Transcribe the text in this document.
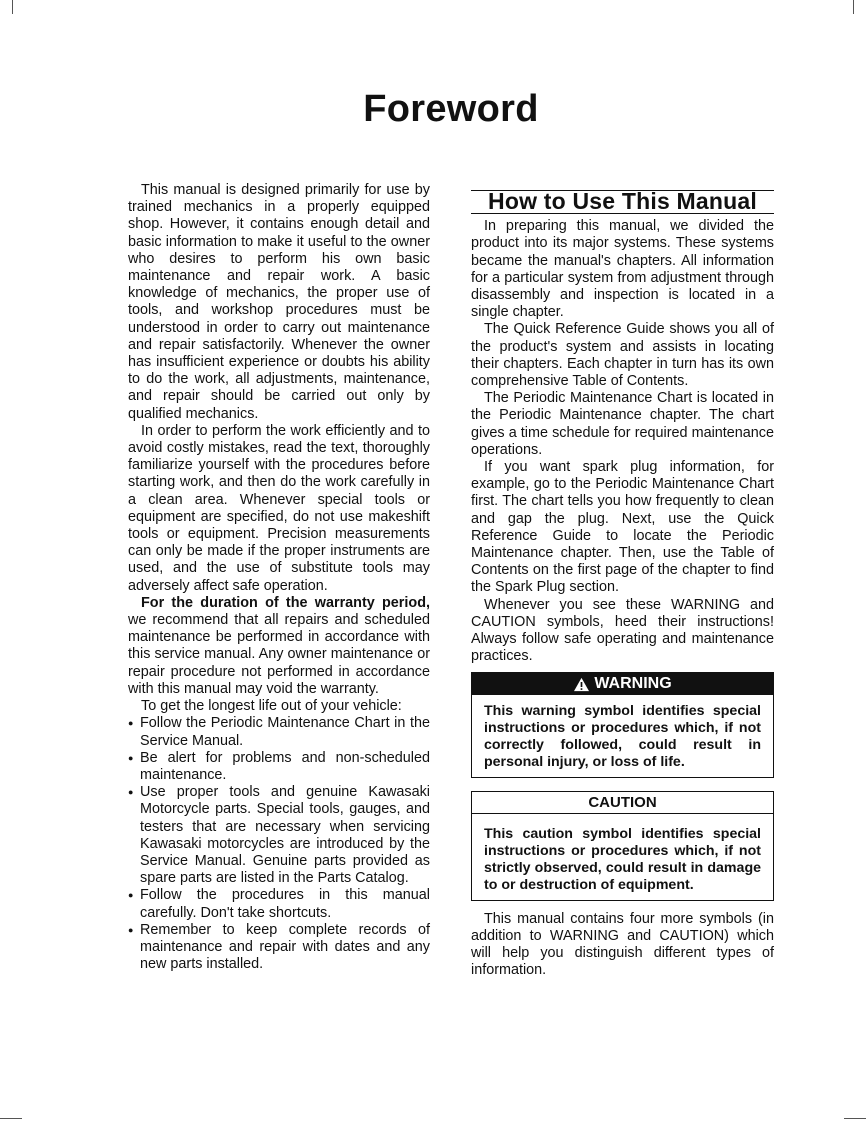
Foreword

This manual is designed primarily for use by trained mechanics in a properly equipped shop. However, it contains enough detail and basic information to make it useful to the owner who desires to perform his own basic maintenance and repair work. A basic knowledge of mechanics, the proper use of tools, and workshop procedures must be understood in order to carry out maintenance and repair satisfactorily. Whenever the owner has insufficient experience or doubts his ability to do the work, all adjustments, maintenance, and repair should be carried out only by qualified mechanics.

In order to perform the work efficiently and to avoid costly mistakes, read the text, thoroughly familiarize yourself with the procedures before starting work, and then do the work carefully in a clean area. Whenever special tools or equipment are specified, do not use makeshift tools or equipment. Precision measurements can only be made if the proper instruments are used, and the use of substitute tools may adversely affect safe operation.

For the duration of the warranty period, we recommend that all repairs and scheduled maintenance be performed in accordance with this service manual. Any owner maintenance or repair procedure not performed in accordance with this manual may void the warranty.

To get the longest life out of your vehicle:

● Follow the Periodic Maintenance Chart in the Service Manual.
● Be alert for problems and non-scheduled maintenance.
● Use proper tools and genuine Kawasaki Motorcycle parts. Special tools, gauges, and testers that are necessary when servicing Kawasaki motorcycles are introduced by the Service Manual. Genuine parts provided as spare parts are listed in the Parts Catalog.
● Follow the procedures in this manual carefully. Don't take shortcuts.
● Remember to keep complete records of maintenance and repair with dates and any new parts installed.
How to Use This Manual

In preparing this manual, we divided the product into its major systems. These systems became the manual's chapters. All information for a particular system from adjustment through disassembly and inspection is located in a single chapter.

The Quick Reference Guide shows you all of the product's system and assists in locating their chapters. Each chapter in turn has its own comprehensive Table of Contents.

The Periodic Maintenance Chart is located in the Periodic Maintenance chapter. The chart gives a time schedule for required maintenance operations.

If you want spark plug information, for example, go to the Periodic Maintenance Chart first. The chart tells you how frequently to clean and gap the plug. Next, use the Quick Reference Guide to locate the Periodic Maintenance chapter. Then, use the Table of Contents on the first page of the chapter to find the Spark Plug section.

Whenever you see these WARNING and CAUTION symbols, heed their instructions! Always follow safe operating and maintenance practices.

WARNING
This warning symbol identifies special instructions or procedures which, if not correctly followed, could result in personal injury, or loss of life.
CAUTION
This caution symbol identifies special instructions or procedures which, if not strictly observed, could result in damage to or destruction of equipment.

This manual contains four more symbols (in addition to WARNING and CAUTION) which will help you distinguish different types of information.
